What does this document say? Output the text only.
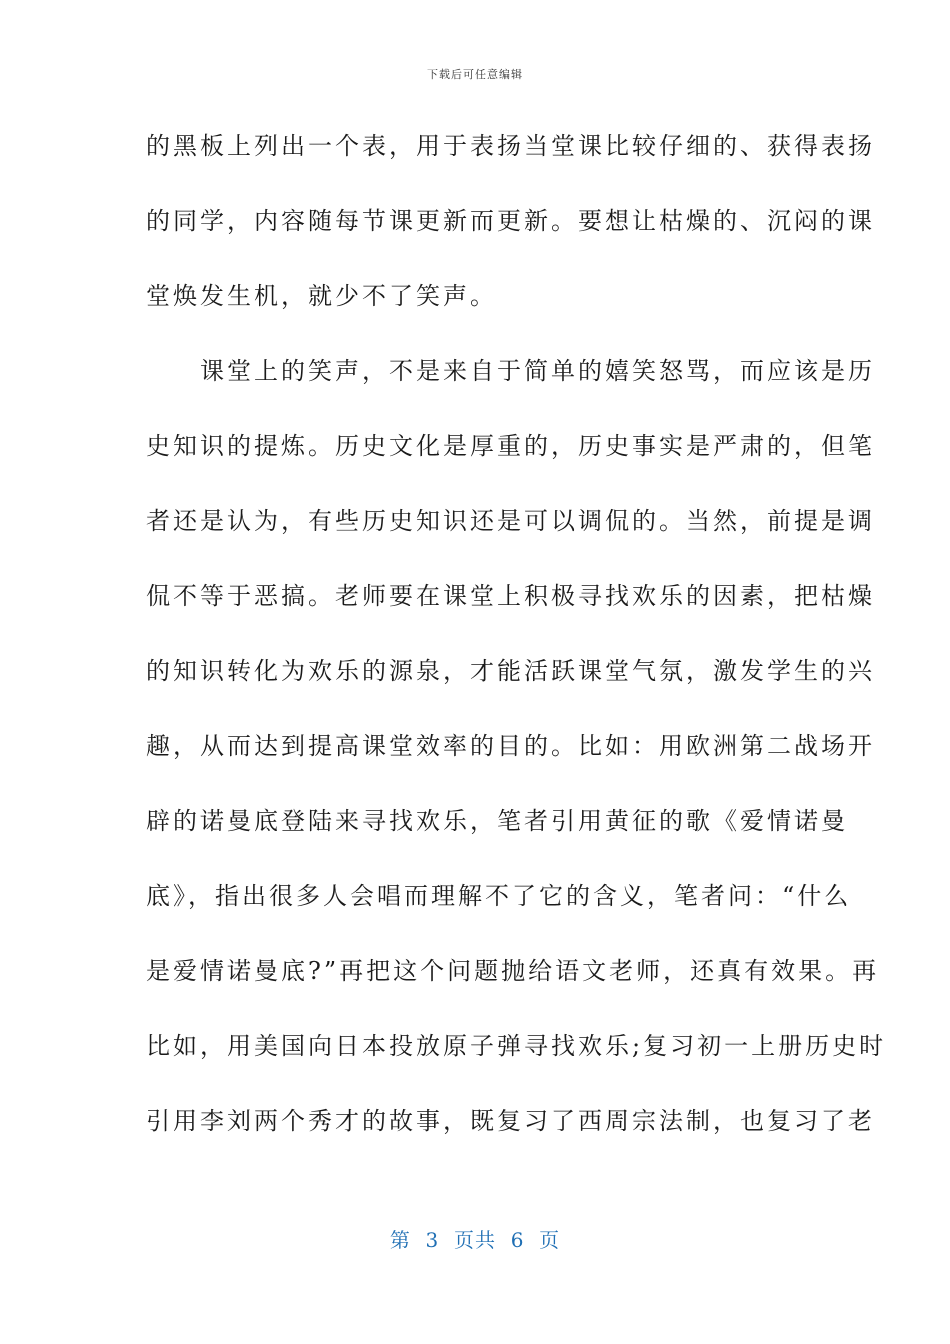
下载后可任意编辑
的黑板上列出一个表，用于表扬当堂课比较仔细的、获得表扬
的同学，内容随每节课更新而更新。要想让枯燥的、沉闷的课
堂焕发生机，就少不了笑声。
　　课堂上的笑声，不是来自于简单的嬉笑怒骂，而应该是历
史知识的提炼。历史文化是厚重的，历史事实是严肃的，但笔
者还是认为，有些历史知识还是可以调侃的。当然，前提是调
侃不等于恶搞。老师要在课堂上积极寻找欢乐的因素，把枯燥
的知识转化为欢乐的源泉，才能活跃课堂气氛，激发学生的兴
趣，从而达到提高课堂效率的目的。比如：用欧洲第二战场开
辟的诺曼底登陆来寻找欢乐，笔者引用黄征的歌《爱情诺曼
底》，指出很多人会唱而理解不了它的含义，笔者问：“什么
是爱情诺曼底?”再把这个问题抛给语文老师，还真有效果。再
比如，用美国向日本投放原子弹寻找欢乐;复习初一上册历史时
引用李刘两个秀才的故事，既复习了西周宗法制，也复习了老
第  3  页共  6  页
